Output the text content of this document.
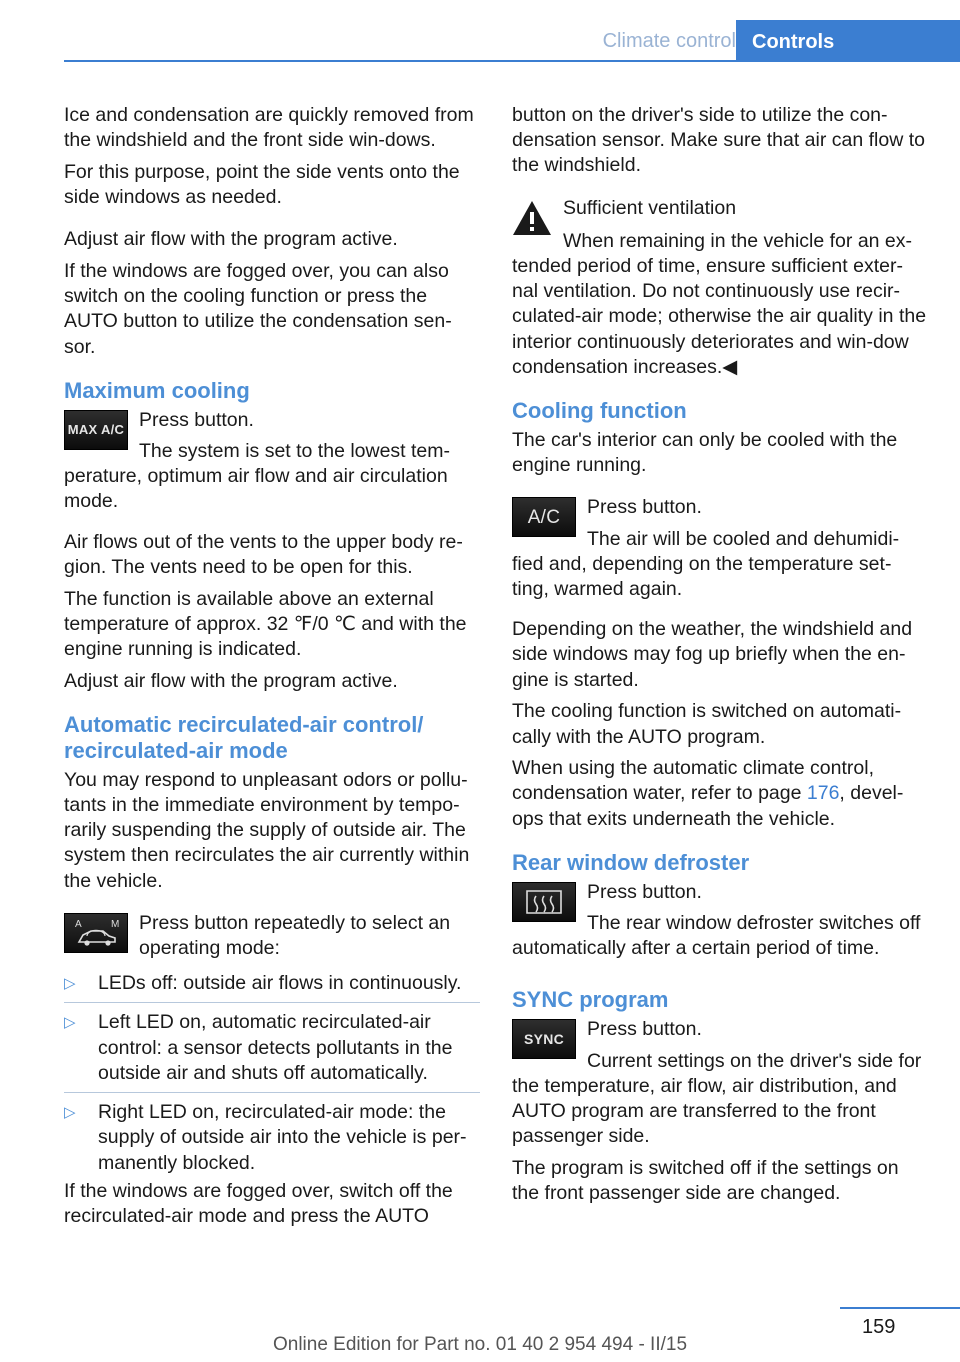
Climate control Controls

Ice and condensation are quickly removed from the windshield and the front side win‐dows.

For this purpose, point the side vents onto the side windows as needed.

Adjust air flow with the program active.

If the windows are fogged over, you can also switch on the cooling function or press the AUTO button to utilize the condensation sen‐sor.

Maximum cooling
MAX A/C Press button.

The system is set to the lowest tem‐perature, optimum air flow and air circulation mode.

Air flows out of the vents to the upper body re‐gion. The vents need to be open for this.

The function is available above an external temperature of approx. 32 ℉/0 ℃ and with the engine running is indicated.

Adjust air flow with the program active.

Automatic recirculated-air control/ recirculated-air mode

You may respond to unpleasant odors or pollu‐tants in the immediate environment by tempo‐rarily suspending the supply of outside air. The system then recirculates the air currently within the vehicle.

A	M Press button repeatedly to select an operating mode:
▷ LEDs off: outside air flows in continuously.
▷ Left LED on, automatic recirculated-air control: a sensor detects pollutants in the outside air and shuts off automatically.
▷ Right LED on, recirculated-air mode: the supply of outside air into the vehicle is per‐manently blocked.

If the windows are fogged over, switch off the recirculated-air mode and press the AUTO

button on the driver's side to utilize the con‐densation sensor. Make sure that air can flow to the windshield.

Sufficient ventilation

When remaining in the vehicle for an ex‐tended period of time, ensure sufficient exter‐nal ventilation. Do not continuously use recir‐culated-air mode; otherwise the air quality in the interior continuously deteriorates and win‐dow condensation increases.◀

Cooling function

The car's interior can only be cooled with the engine running.

A/C	Press button.

The air will be cooled and dehumidi‐fied and, depending on the temperature set‐ting, warmed again.

Depending on the weather, the windshield and side windows may fog up briefly when the en‐gine is started.

The cooling function is switched on automati‐cally with the AUTO program.

When using the automatic climate control, condensation water, refer to page 176, devel‐ops that exits underneath the vehicle.

Rear window defroster
Press button.

The rear window defroster switches off automatically after a certain period of time.

SYNC program
SYNC	Press button.

Current settings on the driver's side for the temperature, air flow, air distribution, and AUTO program are transferred to the front passenger side.

The program is switched off if the settings on the front passenger side are changed.

159
Online Edition for Part no. 01 40 2 954 494 - II/15
